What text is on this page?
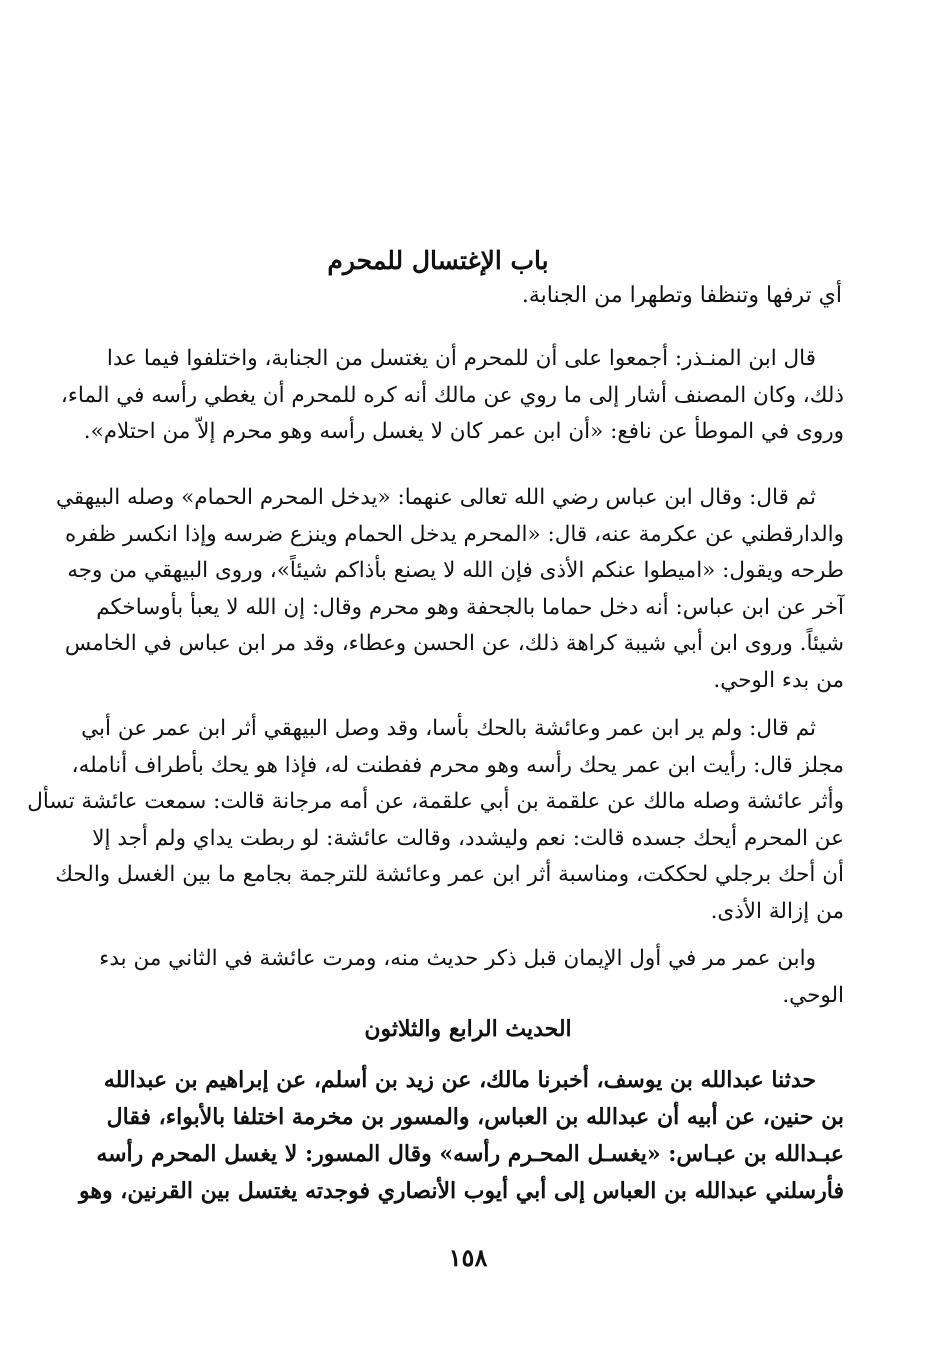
باب الإغتسال للمحرم
أي ترفها وتنظفا وتطهرا من الجنابة.
قال ابن المنـذر: أجمعوا على أن للمحرم أن يغتسل من الجنابة، واختلفوا فيما عدا
ذلك، وكان المصنف أشار إلى ما روي عن مالك أنه كره للمحرم أن يغطي رأسه في الماء،
وروى في الموطأ عن نافع: «أن ابن عمر كان لا يغسل رأسه وهو محرم إلاّ من احتلام».
ثم قال: وقال ابن عباس رضي الله تعالى عنهما: «يدخل المحرم الحمام» وصله البيهقي
والدارقطني عن عكرمة عنه، قال: «المحرم يدخل الحمام وينزع ضرسه وإذا انكسر ظفره
طرحه ويقول: «اميطوا عنكم الأذى فإن الله لا يصنع بأذاكم شيئاً»، وروى البيهقي من وجه
آخر عن ابن عباس: أنه دخل حماما بالجحفة وهو محرم وقال: إن الله لا يعبأ بأوساخكم
شيئاً. وروى ابن أبي شيبة كراهة ذلك، عن الحسن وعطاء، وقد مر ابن عباس في الخامس
من بدء الوحي.
ثم قال: ولم ير ابن عمر وعائشة بالحك بأسا، وقد وصل البيهقي أثر ابن عمر عن أبي
مجلز قال: رأيت ابن عمر يحك رأسه وهو محرم ففطنت له، فإذا هو يحك بأطراف أنامله،
وأثر عائشة وصله مالك عن علقمة بن أبي علقمة، عن أمه مرجانة قالت: سمعت عائشة تسأل
عن المحرم أيحك جسده قالت: نعم وليشدد، وقالت عائشة: لو ربطت يداي ولم أجد إلا
أن أحك برجلي لحككت، ومناسبة أثر ابن عمر وعائشة للترجمة بجامع ما بين الغسل والحك
من إزالة الأذى.
وابن عمر مر في أول الإيمان قبل ذكر حديث منه، ومرت عائشة في الثاني من بدء
الوحي.
الحديث الرابع والثلاثون
حدثنا عبدالله بن يوسف، أخبرنا مالك، عن زيد بن أسلم، عن إبراهيم بن عبدالله
بن حنين، عن أبيه أن عبدالله بن العباس، والمسور بن مخرمة اختلفا بالأبواء، فقال
عبـدالله بن عبـاس: «يغسـل المحـرم رأسه» وقال المسور: لا يغسل المحرم رأسه
فأرسلني عبدالله بن العباس إلى أبي أيوب الأنصاري فوجدته يغتسل بين القرنين، وهو
١٥٨
